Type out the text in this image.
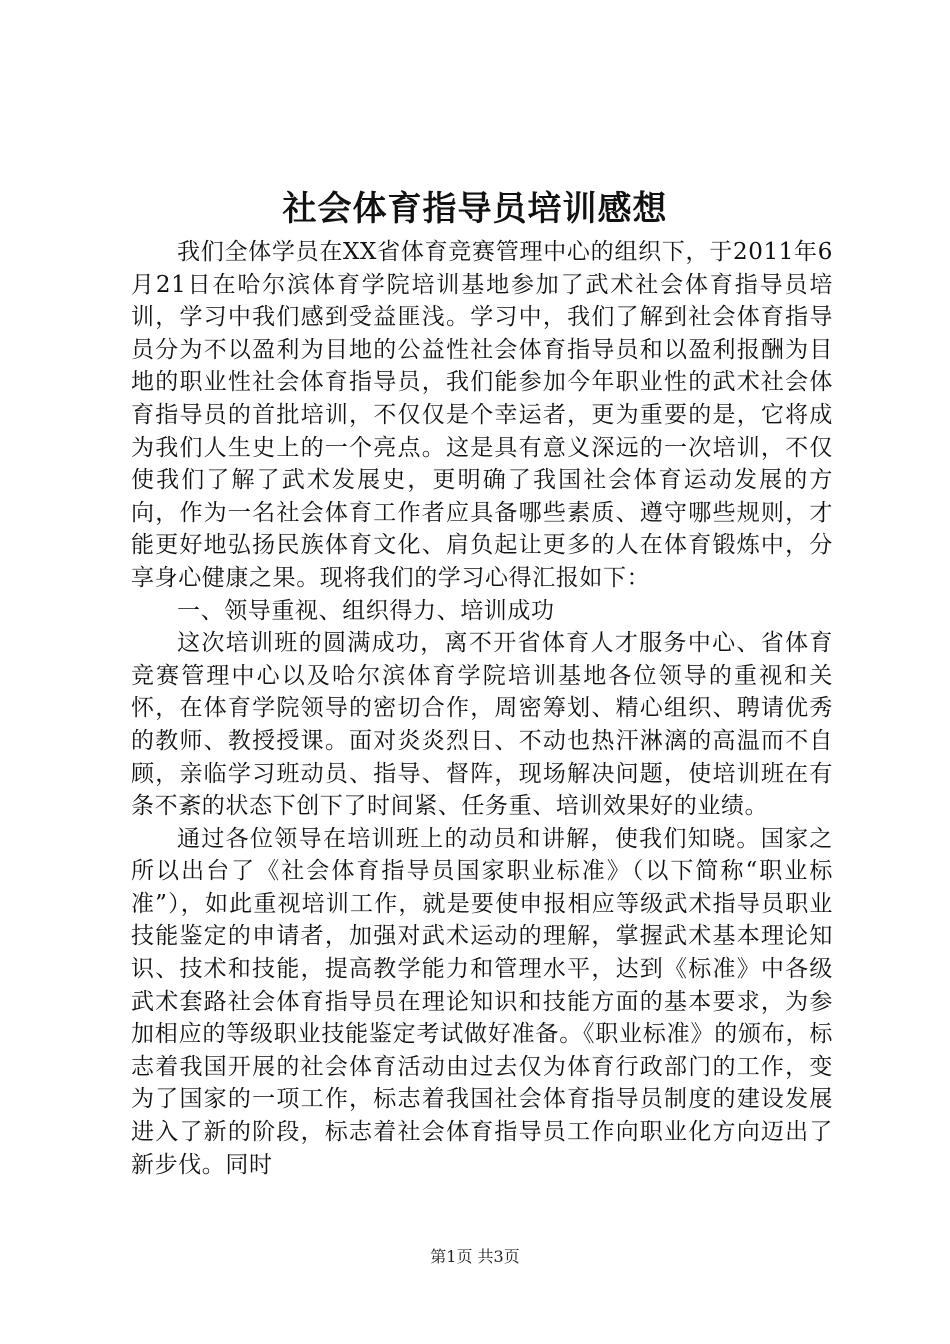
社会体育指导员培训感想

我们全体学员在XX省体育竞赛管理中心的组织下，于2011年6月21日在哈尔滨体育学院培训基地参加了武术社会体育指导员培训，学习中我们感到受益匪浅。学习中，我们了解到社会体育指导员分为不以盈利为目地的公益性社会体育指导员和以盈利报酬为目地的职业性社会体育指导员，我们能参加今年职业性的武术社会体育指导员的首批培训，不仅仅是个幸运者，更为重要的是，它将成为我们人生史上的一个亮点。这是具有意义深远的一次培训，不仅使我们了解了武术发展史，更明确了我国社会体育运动发展的方向，作为一名社会体育工作者应具备哪些素质、遵守哪些规则，才能更好地弘扬民族体育文化、肩负起让更多的人在体育锻炼中，分享身心健康之果。现将我们的学习心得汇报如下：

一、领导重视、组织得力、培训成功

这次培训班的圆满成功，离不开省体育人才服务中心、省体育竞赛管理中心以及哈尔滨体育学院培训基地各位领导的重视和关怀，在体育学院领导的密切合作，周密筹划、精心组织、聘请优秀的教师、教授授课。面对炎炎烈日、不动也热汗淋漓的高温而不自顾，亲临学习班动员、指导、督阵，现场解决问题，使培训班在有条不紊的状态下创下了时间紧、任务重、培训效果好的业绩。

通过各位领导在培训班上的动员和讲解，使我们知晓。国家之所以出台了《社会体育指导员国家职业标准》（以下简称“职业标准”），如此重视培训工作，就是要使申报相应等级武术指导员职业技能鉴定的申请者，加强对武术运动的理解，掌握武术基本理论知识、技术和技能，提高教学能力和管理水平，达到《标准》中各级武术套路社会体育指导员在理论知识和技能方面的基本要求，为参加相应的等级职业技能鉴定考试做好准备。《职业标准》的颁布，标志着我国开展的社会体育活动由过去仅为体育行政部门的工作，变为了国家的一项工作，标志着我国社会体育指导员制度的建设发展进入了新的阶段，标志着社会体育指导员工作向职业化方向迈出了新步伐。同时

第1页 共3页
